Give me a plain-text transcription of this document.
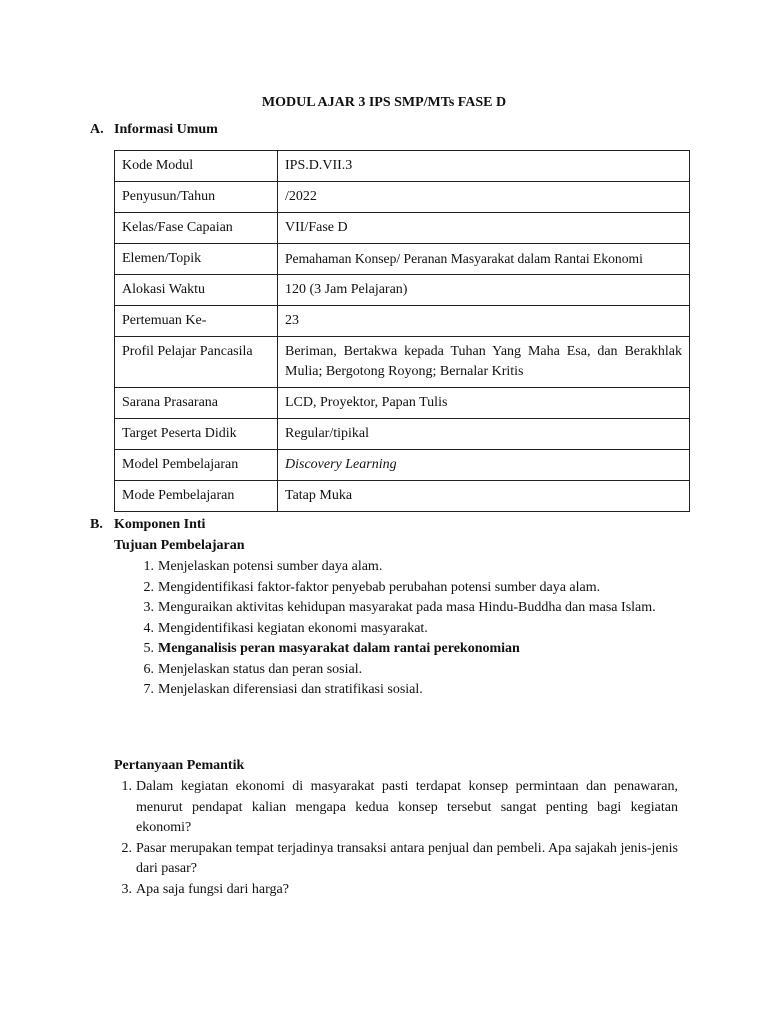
MODUL AJAR 3 IPS SMP/MTs FASE D
A. Informasi Umum
Kode Modul	IPS.D.VII.3
Penyusun/Tahun	/2022
Kelas/Fase Capaian	VII/Fase D
Elemen/Topik	Pemahaman Konsep/ Peranan Masyarakat dalam Rantai Ekonomi
Alokasi Waktu	120 (3 Jam Pelajaran)
Pertemuan Ke-	23
Profil Pelajar Pancasila	Beriman, Bertakwa kepada Tuhan Yang Maha Esa, dan Berakhlak Mulia; Bergotong Royong; Bernalar Kritis
Sarana Prasarana	LCD, Proyektor, Papan Tulis
Target Peserta Didik	Regular/tipikal
Model Pembelajaran	Discovery Learning
Mode Pembelajaran	Tatap Muka
B. Komponen Inti
Tujuan Pembelajaran
1. Menjelaskan potensi sumber daya alam.
2. Mengidentifikasi faktor-faktor penyebab perubahan potensi sumber daya alam.
3. Menguraikan aktivitas kehidupan masyarakat pada masa Hindu-Buddha dan masa Islam.
4. Mengidentifikasi kegiatan ekonomi masyarakat.
5. Menganalisis peran masyarakat dalam rantai perekonomian
6. Menjelaskan status dan peran sosial.
7. Menjelaskan diferensiasi dan stratifikasi sosial.
Pertanyaan Pemantik
1. Dalam kegiatan ekonomi di masyarakat pasti terdapat konsep permintaan dan penawaran, menurut pendapat kalian mengapa kedua konsep tersebut sangat penting bagi kegiatan ekonomi?
2. Pasar merupakan tempat terjadinya transaksi antara penjual dan pembeli. Apa sajakah jenis-jenis dari pasar?
3. Apa saja fungsi dari harga?
